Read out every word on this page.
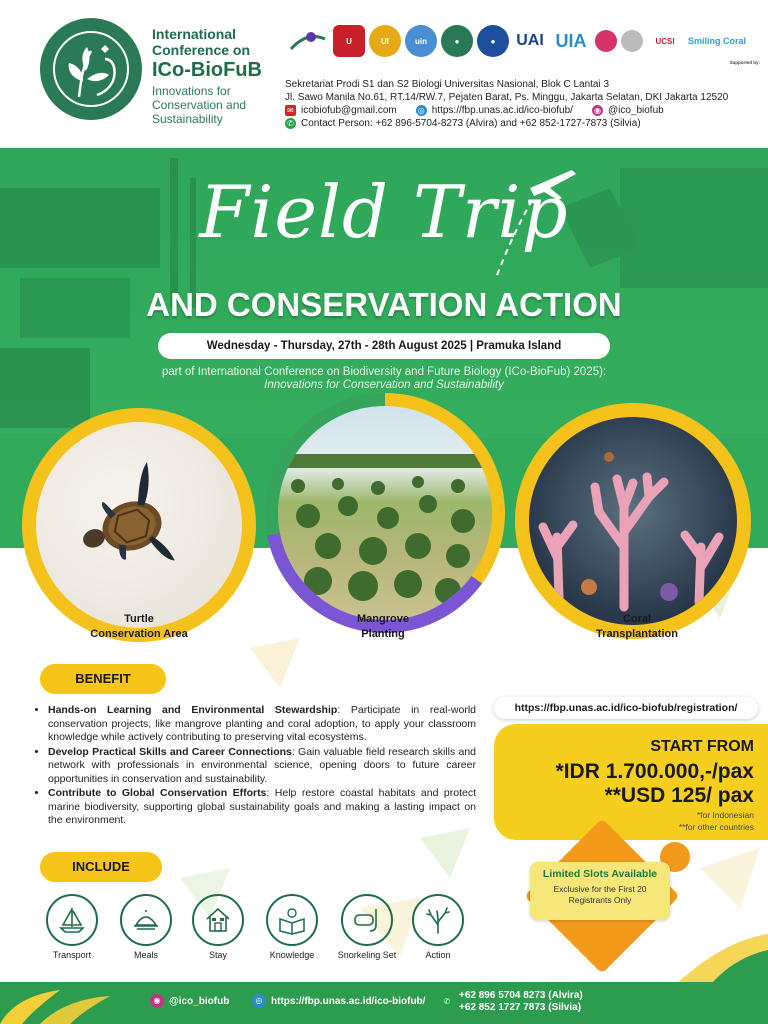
International
Conference on
ICo-BioFuB
Innovations for
Conservation and
Sustainability
U	UI	uin	●	●	UAI UIA	UCSI	Smiling Coral
Supported by:
Sekretariat Prodi S1 dan S2 Biologi Universitas Nasional, Blok C Lantai 3
Jl. Sawo Manila No.61, RT.14/RW.7, Pejaten Barat, Ps. Minggu, Jakarta Selatan, DKI Jakarta 12520
✉ icobiofub@gmail.com	◎ https://fbp.unas.ac.id/ico-biofub/	◉ @ico_biofub
✆ Contact Person: +62 896-5704-8273 (Alvira) and +62 852-1727-7873 (Silvia)
Field Trip
AND CONSERVATION ACTION
Wednesday - Thursday, 27th - 28th August 2025 | Pramuka Island
part of International Conference on Biodiversity and Future Biology (ICo-BioFub) 2025):
Innovations for Conservation and Sustainability
Turtle
Conservation Area
Mangrove
Planting
Coral
Transplantation
BENEFIT
• Hands-on Learning and Environmental Stewardship: Participate in real-world conservation projects, like mangrove planting and coral adoption, to apply your classroom knowledge while actively contributing to preserving vital ecosystems.
• Develop Practical Skills and Career Connections: Gain valuable field research skills and network with professionals in environmental science, opening doors to future career opportunities in conservation and sustainability.
• Contribute to Global Conservation Efforts: Help restore coastal habitats and protect marine biodiversity, supporting global sustainability goals and making a lasting impact on the environment.
INCLUDE
Transport	Meals	Stay	Knowledge	Snorkeling Set	Action
https://fbp.unas.ac.id/ico-biofub/registration/
START FROM
*IDR 1.700.000,-/pax
**USD 125/ pax
*for Indonesian
**for other countries
Limited Slots Available
Exclusive for the First 20
Registrants Only
◉ @ico_biofub	◎ https://fbp.unas.ac.id/ico-biofub/	✆
+62 896 5704 8273 (Alvira)
+62 852 1727 7873 (Silvia)
